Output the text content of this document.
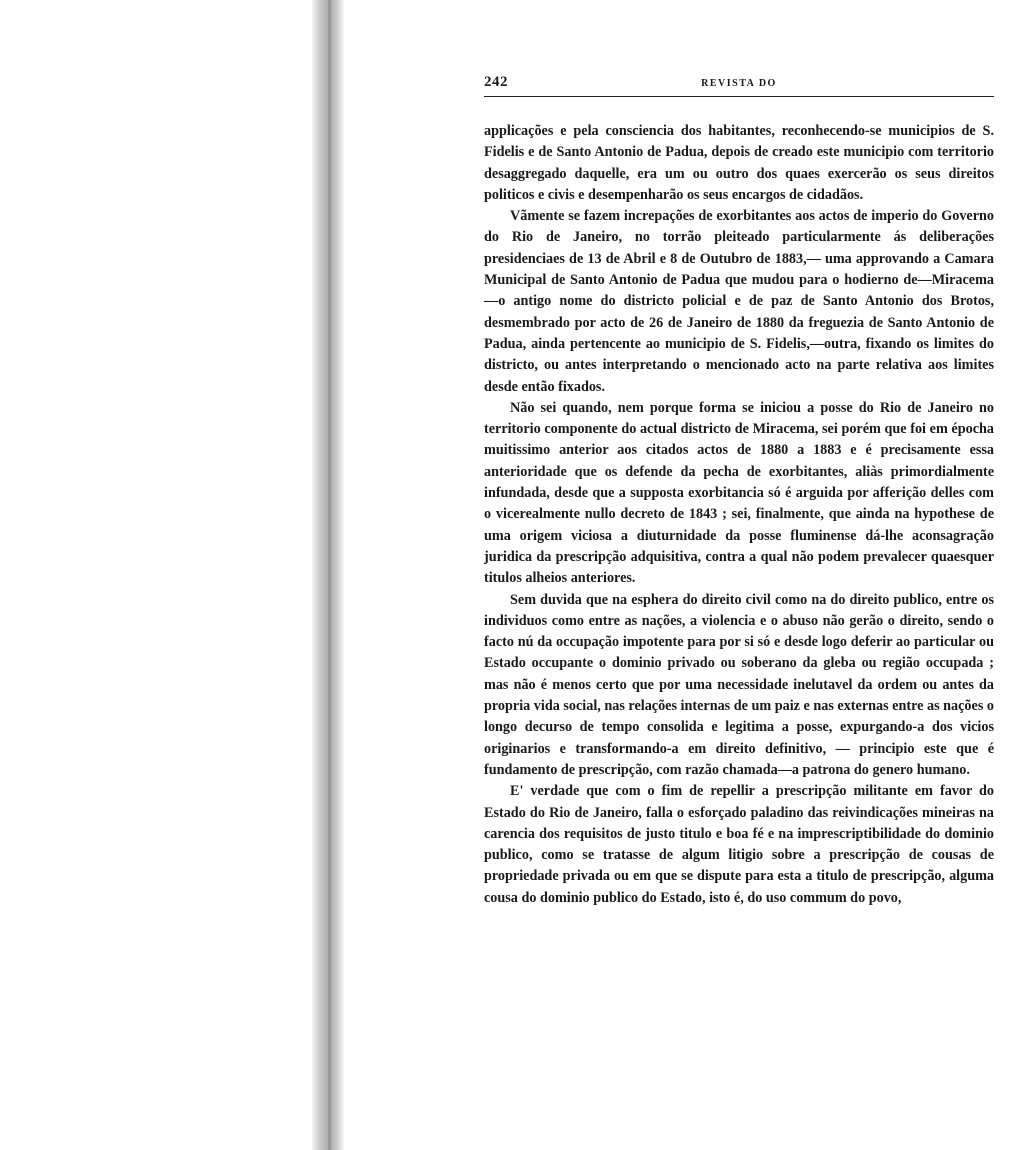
242	REVISTA DO

applicações e pela consciencia dos habitantes, reconhecendo-se municipios de S. Fidelis e de Santo Antonio de Padua, depois de creado este municipio com territorio desaggregado daquelle, era um ou outro dos quaes exercerão os seus direitos politicos e civis e desempenharão os seus encargos de cidadãos.

Vãmente se fazem increpações de exorbitantes aos actos de imperio do Governo do Rio de Janeiro, no torrão pleiteado particularmente ás deliberações presidenciaes de 13 de Abril e 8 de Outubro de 1883,— uma approvando a Camara Municipal de Santo Antonio de Padua que mudou para o hodierno de—Miracema—o antigo nome do districto policial e de paz de Santo Antonio dos Brotos, desmembrado por acto de 26 de Janeiro de 1880 da freguezia de Santo Antonio de Padua, ainda pertencente ao municipio de S. Fidelis,—outra, fixando os limites do districto, ou antes interpretando o mencionado acto na parte relativa aos limites desde então fixados.

Não sei quando, nem porque forma se iniciou a posse do Rio de Janeiro no territorio componente do actual districto de Miracema, sei porém que foi em épocha muitissimo anterior aos citados actos de 1880 a 1883 e é precisamente essa anterioridade que os defende da pecha de exorbitantes, aliàs primordialmente infundada, desde que a supposta exorbitancia só é arguida por afferição delles com o vicerealmente nullo decreto de 1843 ; sei, finalmente, que ainda na hypothese de uma origem viciosa a diuturnidade da posse fluminense dá-lhe aconsagração juridica da prescripção adquisitiva, contra a qual não podem prevalecer quaesquer titulos alheios anteriores.

Sem duvida que na esphera do direito civil como na do direito publico, entre os individuos como entre as nações, a violencia e o abuso não gerão o direito, sendo o facto nú da occupação impotente para por si só e desde logo deferir ao particular ou Estado occupante o dominio privado ou soberano da gleba ou região occupada ; mas não é menos certo que por uma necessidade inelutavel da ordem ou antes da propria vida social, nas relações internas de um paiz e nas externas entre as nações o longo decurso de tempo consolida e legitima a posse, expurgando-a dos vicios originarios e transformando-a em direito definitivo, — principio este que é fundamento de prescripção, com razão chamada—a patrona do genero humano.

E' verdade que com o fim de repellir a prescripção militante em favor do Estado do Rio de Janeiro, falla o esforçado paladino das reivindicações mineiras na carencia dos requisitos de justo titulo e boa fé e na imprescriptibilidade do dominio publico, como se tratasse de algum litigio sobre a prescripção de cousas de propriedade privada ou em que se dispute para esta a titulo de prescripção, alguma cousa do dominio publico do Estado, isto é, do uso commum do povo,
